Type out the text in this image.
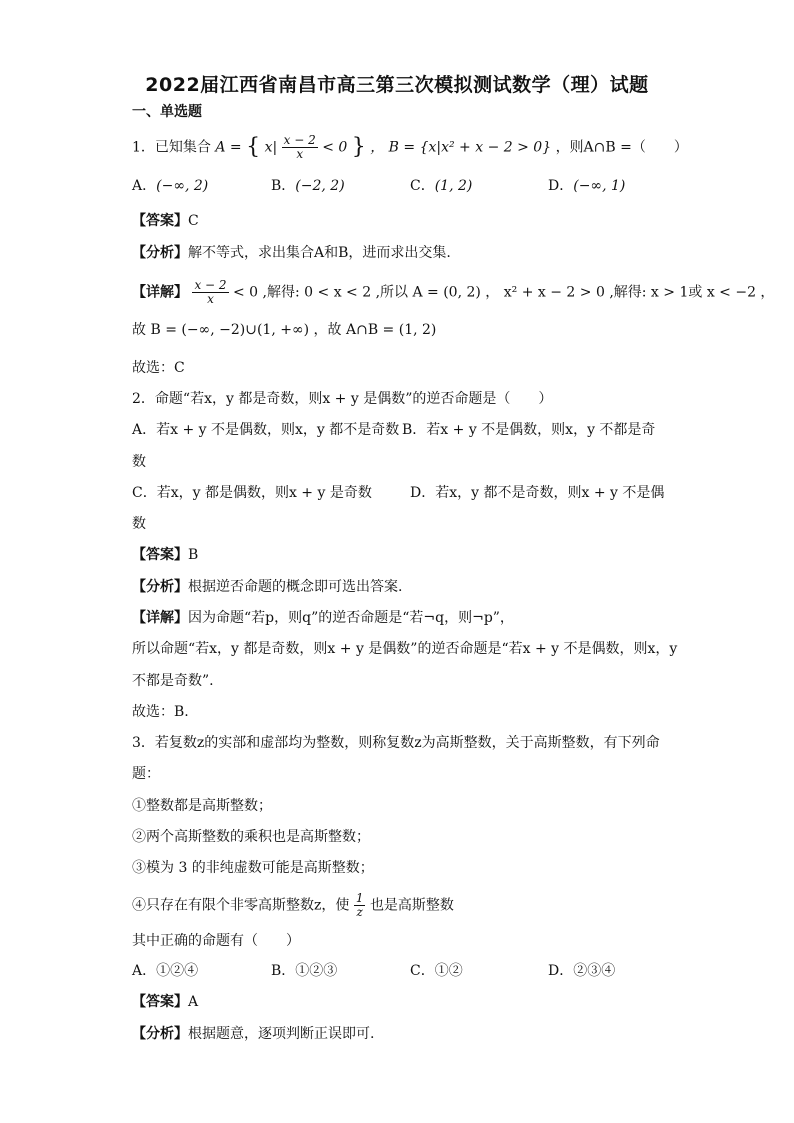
2022届江西省南昌市高三第三次模拟测试数学（理）试题
一、单选题
1．已知集合 A = { $x| \frac{x - 2}{x} < 0$ } ， B = {x|x² + x − 2 > 0} ，则A∩B =（　　）
A．(−∞, 2)	B．(−2, 2)	C．(1, 2)	D．(−∞, 1)
【答案】C
【分析】解不等式，求出集合A和B，进而求出交集.
【详解】 $\frac{x - 2}{x} < 0$ ,解得: 0 < x < 2 ,所以 A = (0, 2) ， x² + x − 2 > 0 ,解得: x > 1或 x < −2 ，
故 B = (−∞, −2)∪(1, +∞) ，故 A∩B = (1, 2)
故选：C
2．命题“若x，y 都是奇数，则x + y 是偶数”的逆否命题是（　　）
A．若x + y 不是偶数，则x，y 都不是奇数 B．若x + y 不是偶数，则x，y 不都是奇
数
C．若x，y 都是偶数，则x + y 是奇数	D．若x，y 都不是奇数，则x + y 不是偶
数
【答案】B
【分析】根据逆否命题的概念即可选出答案.
【详解】因为命题“若p，则q”的逆否命题是“若¬q，则¬p”，
所以命题“若x，y 都是奇数，则x + y 是偶数”的逆否命题是“若x + y 不是偶数，则x，y
不都是奇数”.
故选：B.
3．若复数z的实部和虚部均为整数，则称复数z为高斯整数，关于高斯整数，有下列命
题：
①整数都是高斯整数；
②两个高斯整数的乘积也是高斯整数；
③模为 3 的非纯虚数可能是高斯整数；
④只存在有限个非零高斯整数z，使 $\frac{1}{z}$ 也是高斯整数
其中正确的命题有（　　）
A．①②④	B．①②③	C．①②	D．②③④
【答案】A
【分析】根据题意，逐项判断正误即可.
